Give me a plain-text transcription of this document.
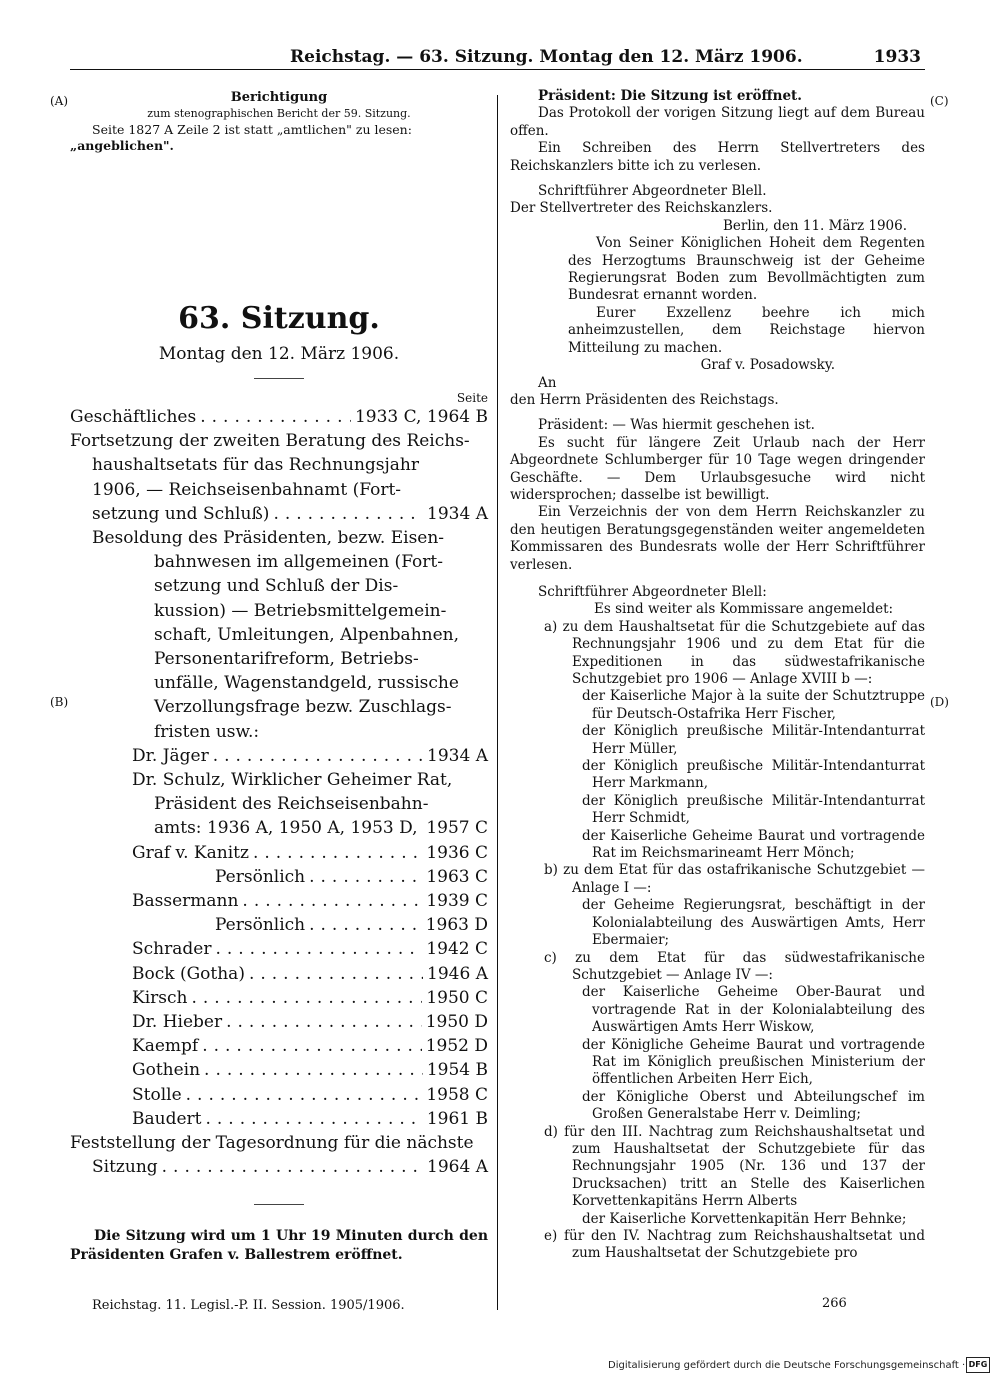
Reichstag. — 63. Sitzung. Montag den 12. März 1906.	1933
(A)
(B)
(C)
(D)
Berichtigung
zum stenographischen Bericht der 59. Sitzung.
Seite 1827 A Zeile 2 ist statt „amtlichen" zu lesen:
„angeblichen".
63. Sitzung.
Montag den 12. März 1906.
Seite
Geschäftliches .....	1933 C, 1964 B
Fortsetzung der zweiten Beratung des Reichs-
haushaltsetats für das Rechnungsjahr
1906, — Reichseisenbahnamt (Fort-
setzung und Schluß) .....	1934 A
Besoldung des Präsidenten, bezw. Eisen-
bahnwesen im allgemeinen (Fort-
setzung und Schluß der Dis-
kussion) — Betriebsmittelgemein-
schaft, Umleitungen, Alpenbahnen,
Personentarifreform, Betriebs-
unfälle, Wagenstandgeld, russische
Verzollungsfrage bezw. Zuschlags-
fristen usw.:
Dr. Jäger .....	1934 A
Dr. Schulz, Wirklicher Geheimer Rat,
Präsident des Reichseisenbahn-
amts: 1936 A, 1950 A, 1953 D, ..... 1957 C
Graf v. Kanitz .....	1936 C
Persönlich .....	1963 C
Bassermann .....	1939 C
Persönlich .....	1963 D
Schrader .....	1942 C
Bock (Gotha) .....	1946 A
Kirsch .....	1950 C
Dr. Hieber .....	1950 D
Kaempf .....	1952 D
Gothein .....	1954 B
Stolle .....	1958 C
Baudert .....	1961 B
Feststellung der Tagesordnung für die nächste
Sitzung .....	1964 A
Die Sitzung wird um 1 Uhr 19 Minuten durch den Präsidenten Grafen v. Ballestrem eröffnet.

Präsident: Die Sitzung ist eröffnet.

Das Protokoll der vorigen Sitzung liegt auf dem Bureau offen.

Ein Schreiben des Herrn Stellvertreters des Reichskanzlers bitte ich zu verlesen.

Schriftführer Abgeordneter Blell.

Der Stellvertreter des Reichskanzlers.

Berlin, den 11. März 1906.

Von Seiner Königlichen Hoheit dem Regenten des Herzogtums Braunschweig ist der Geheime Regierungsrat Boden zum Bevollmächtigten zum Bundesrat ernannt worden.

Eurer Exzellenz beehre ich mich anheimzustellen, dem Reichstage hiervon Mitteilung zu machen.

Graf v. Posadowsky.

An

den Herrn Präsidenten des Reichstags.

Präsident: — Was hiermit geschehen ist.

Es sucht für längere Zeit Urlaub nach der Herr Abgeordnete Schlumberger für 10 Tage wegen dringender Geschäfte. — Dem Urlaubsgesuche wird nicht widersprochen; dasselbe ist bewilligt.

Ein Verzeichnis der von dem Herrn Reichskanzler zu den heutigen Beratungsgegenständen weiter angemeldeten Kommissaren des Bundesrats wolle der Herr Schriftführer verlesen.

Schriftführer Abgeordneter Blell:

Es sind weiter als Kommissare angemeldet:

a) zu dem Haushaltsetat für die Schutzgebiete auf das Rechnungsjahr 1906 und zu dem Etat für die Expeditionen in das südwestafrikanische Schutzgebiet pro 1906 — Anlage XVIII b —:

der Kaiserliche Major à la suite der Schutztruppe für Deutsch-Ostafrika Herr Fischer,

der Königlich preußische Militär-Intendanturrat Herr Müller,

der Königlich preußische Militär-Intendanturrat Herr Markmann,

der Königlich preußische Militär-Intendanturrat Herr Schmidt,

der Kaiserliche Geheime Baurat und vortragende Rat im Reichsmarineamt Herr Mönch;

b) zu dem Etat für das ostafrikanische Schutzgebiet — Anlage I —:

der Geheime Regierungsrat, beschäftigt in der Kolonialabteilung des Auswärtigen Amts, Herr Ebermaier;

c) zu dem Etat für das südwestafrikanische Schutzgebiet — Anlage IV —:

der Kaiserliche Geheime Ober-Baurat und vortragende Rat in der Kolonialabteilung des Auswärtigen Amts Herr Wiskow,

der Königliche Geheime Baurat und vortragende Rat im Königlich preußischen Ministerium der öffentlichen Arbeiten Herr Eich,

der Königliche Oberst und Abteilungschef im Großen Generalstabe Herr v. Deimling;

d) für den III. Nachtrag zum Reichshaushaltsetat und zum Haushaltsetat der Schutzgebiete für das Rechnungsjahr 1905 (Nr. 136 und 137 der Drucksachen) tritt an Stelle des Kaiserlichen Korvettenkapitäns Herrn Alberts

der Kaiserliche Korvettenkapitän Herr Behnke;

e) für den IV. Nachtrag zum Reichshaushaltsetat und zum Haushaltsetat der Schutzgebiete pro

Reichstag. 11. Legisl.-P. II. Session. 1905/1906.	266
Digitalisierung gefördert durch die Deutsche Forschungsgemeinschaft · DFG
